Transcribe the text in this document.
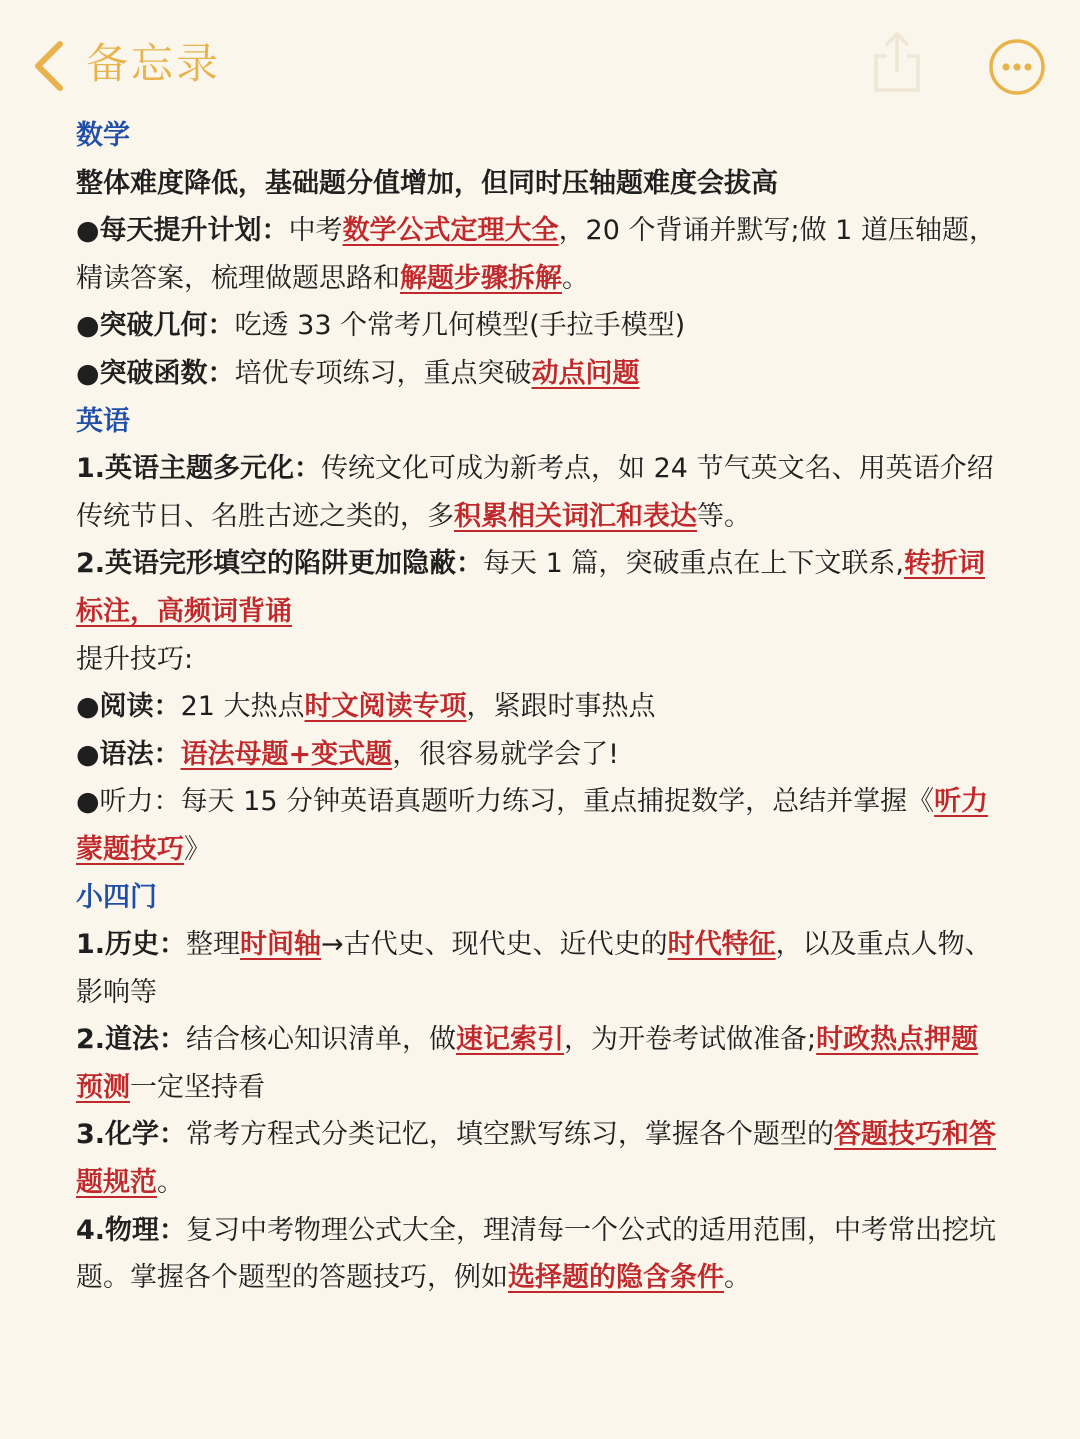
备忘录
数学
整体难度降低，基础题分值增加，但同时压轴题难度会拔高
●每天提升计划：中考数学公式定理大全，20 个背诵并默写;做 1 道压轴题，
精读答案，梳理做题思路和解题步骤拆解。
●突破几何：吃透 33 个常考几何模型(手拉手模型)
●突破函数：培优专项练习，重点突破动点问题
英语
1.英语主题多元化：传统文化可成为新考点，如 24 节气英文名、用英语介绍
传统节日、名胜古迹之类的，多积累相关词汇和表达等。
2.英语完形填空的陷阱更加隐蔽：每天 1 篇，突破重点在上下文联系,转折词
标注，高频词背诵
提升技巧:
●阅读：21 大热点时文阅读专项，紧跟时事热点
●语法：语法母题+变式题，很容易就学会了!
●听力：每天 15 分钟英语真题听力练习，重点捕捉数学，总结并掌握《听力
蒙题技巧》
小四门
1.历史：整理时间轴→古代史、现代史、近代史的时代特征，以及重点人物、
影响等
2.道法：结合核心知识清单，做速记索引，为开卷考试做准备;时政热点押题
预测一定坚持看
3.化学：常考方程式分类记忆，填空默写练习，掌握各个题型的答题技巧和答
题规范。
4.物理：复习中考物理公式大全，理清每一个公式的适用范围，中考常出挖坑
题。掌握各个题型的答题技巧，例如选择题的隐含条件。
